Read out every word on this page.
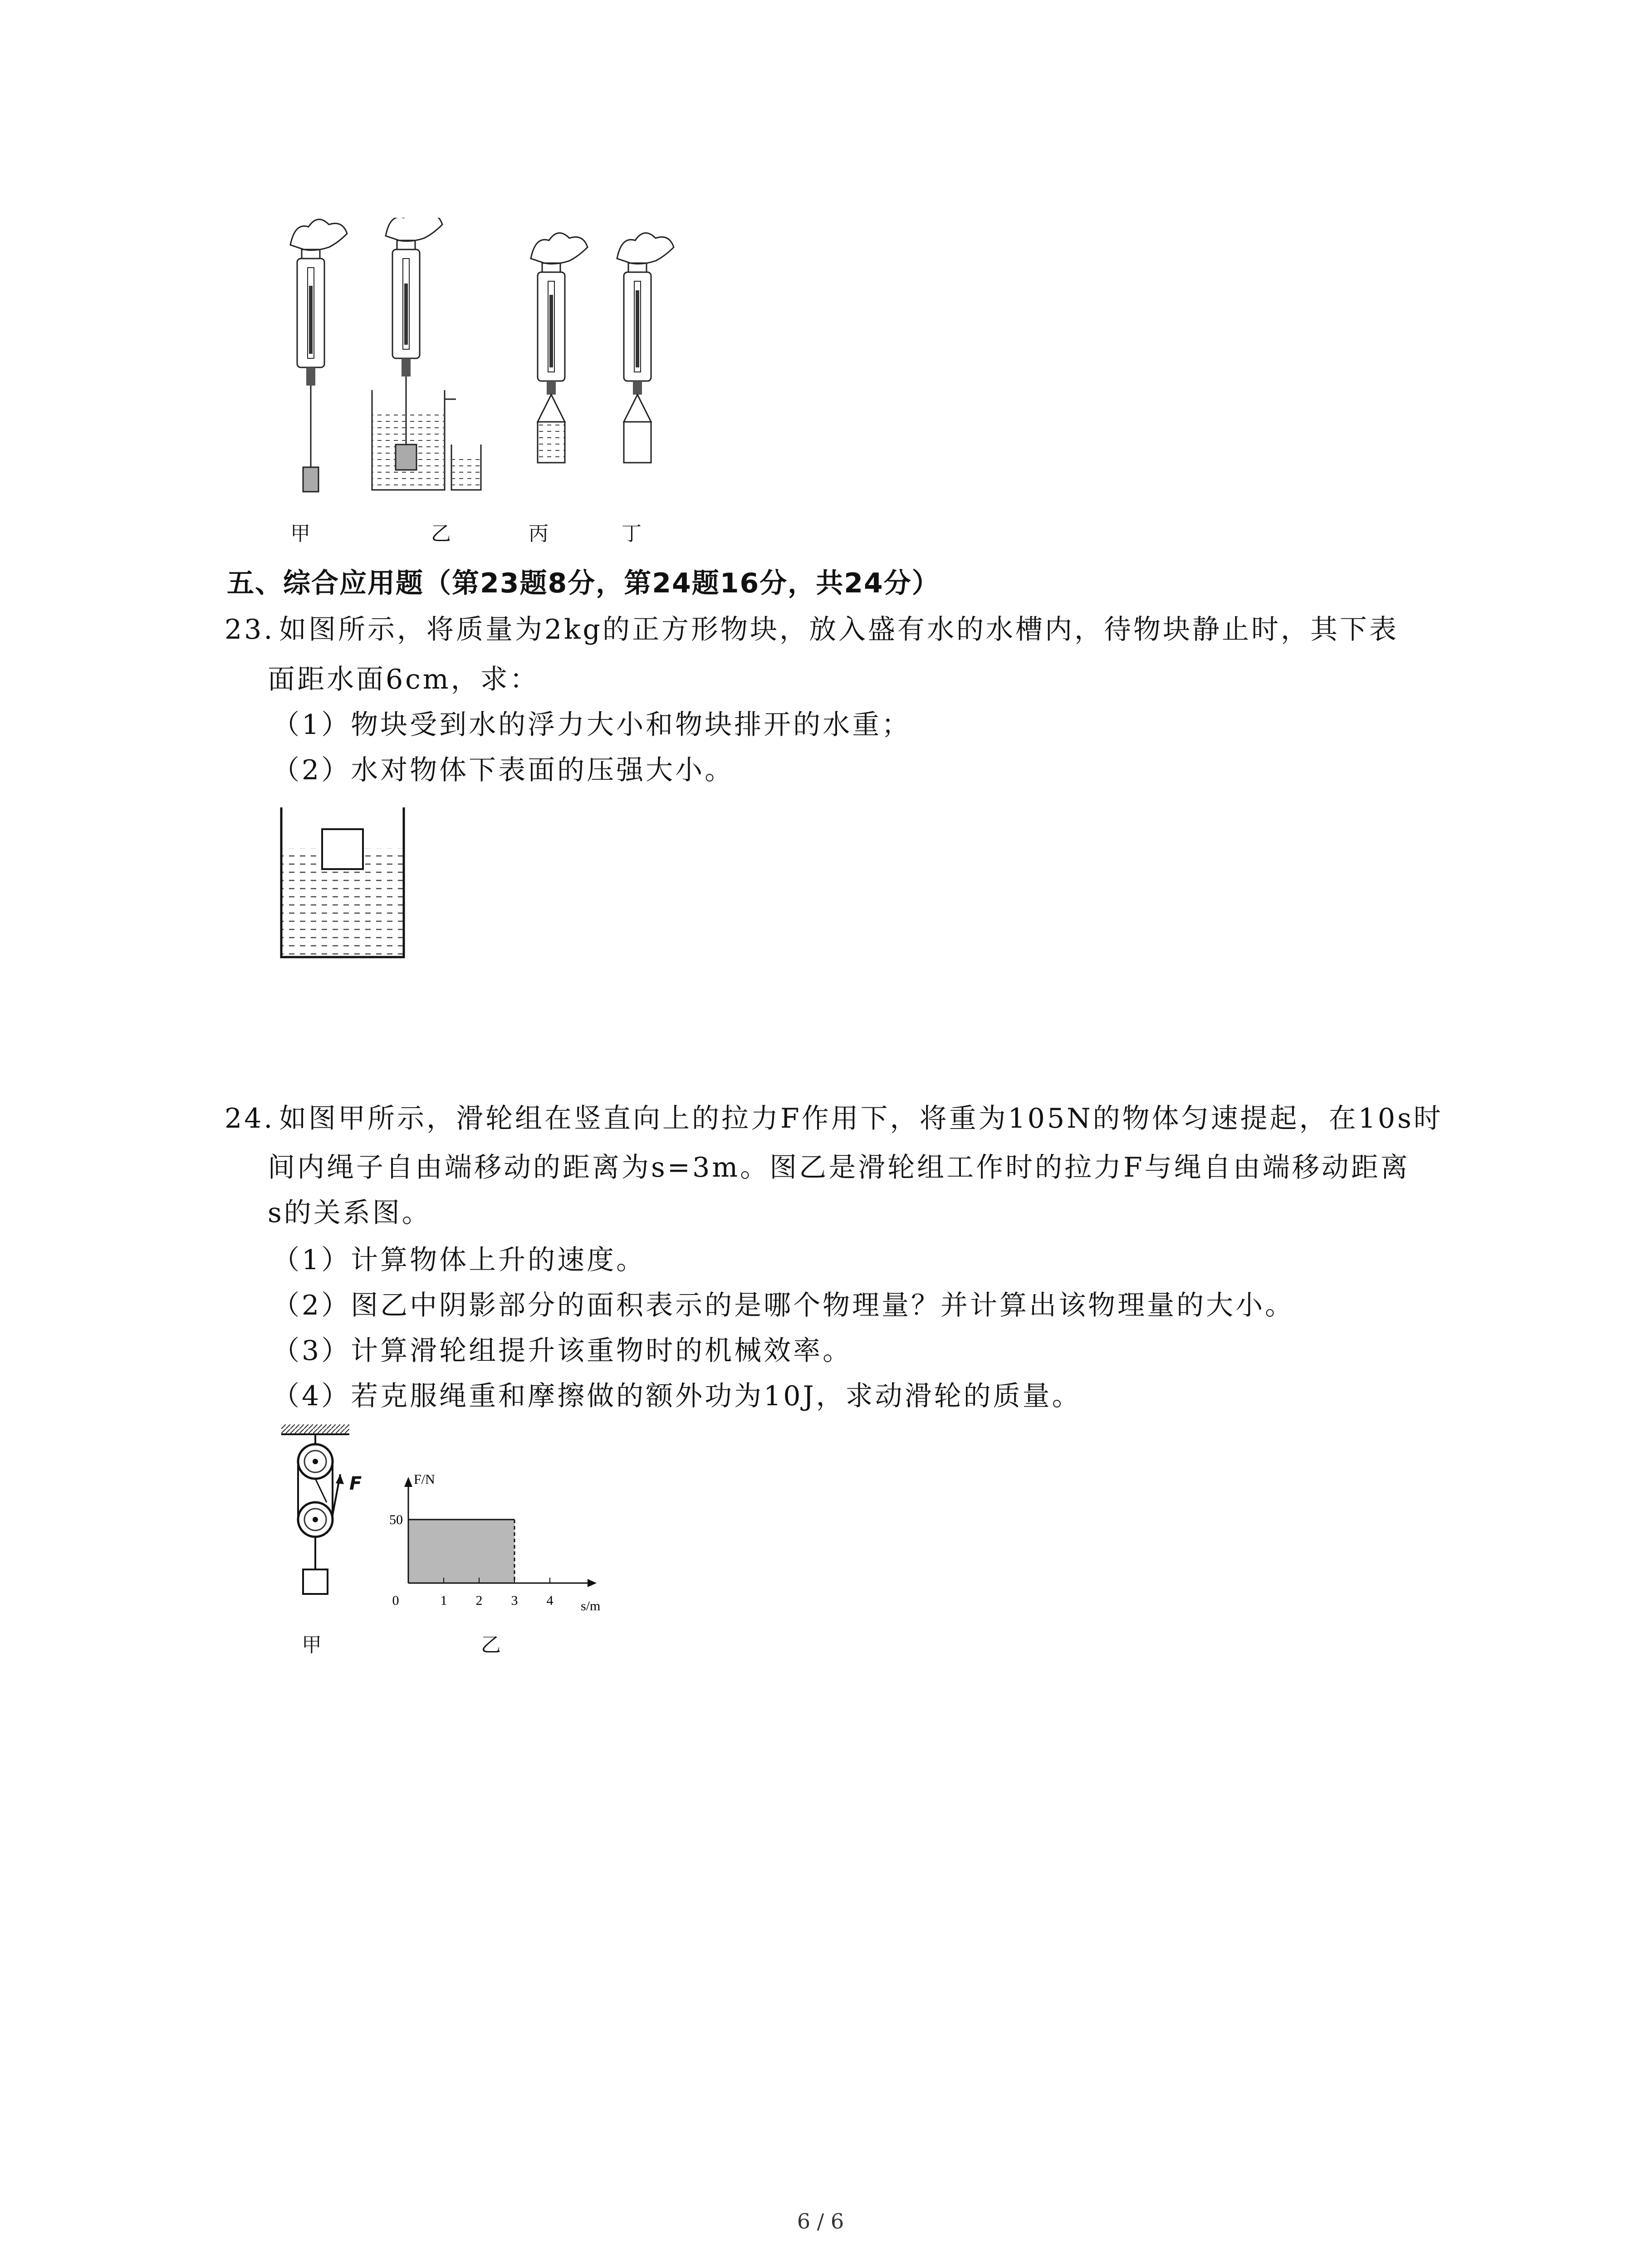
甲	乙	丙	丁
五、综合应用题（第23题8分，第24题16分，共24分）
23. 如图所示，将质量为2kg的正方形物块，放入盛有水的水槽内，待物块静止时，其下表
面距水面6cm，求：
（1）物块受到水的浮力大小和物块排开的水重；
（2）水对物体下表面的压强大小。
24. 如图甲所示，滑轮组在竖直向上的拉力F作用下，将重为105N的物体匀速提起，在10s时
间内绳子自由端移动的距离为s=3m。图乙是滑轮组工作时的拉力F与绳自由端移动距离
s的关系图。
（1）计算物体上升的速度。
（2）图乙中阴影部分的面积表示的是哪个物理量？并计算出该物理量的大小。
（3）计算滑轮组提升该重物时的机械效率。
（4）若克服绳重和摩擦做的额外功为10J，求动滑轮的质量。
F
甲
0	1 2 3 4
50
F/N
s/m
乙
6 / 6
